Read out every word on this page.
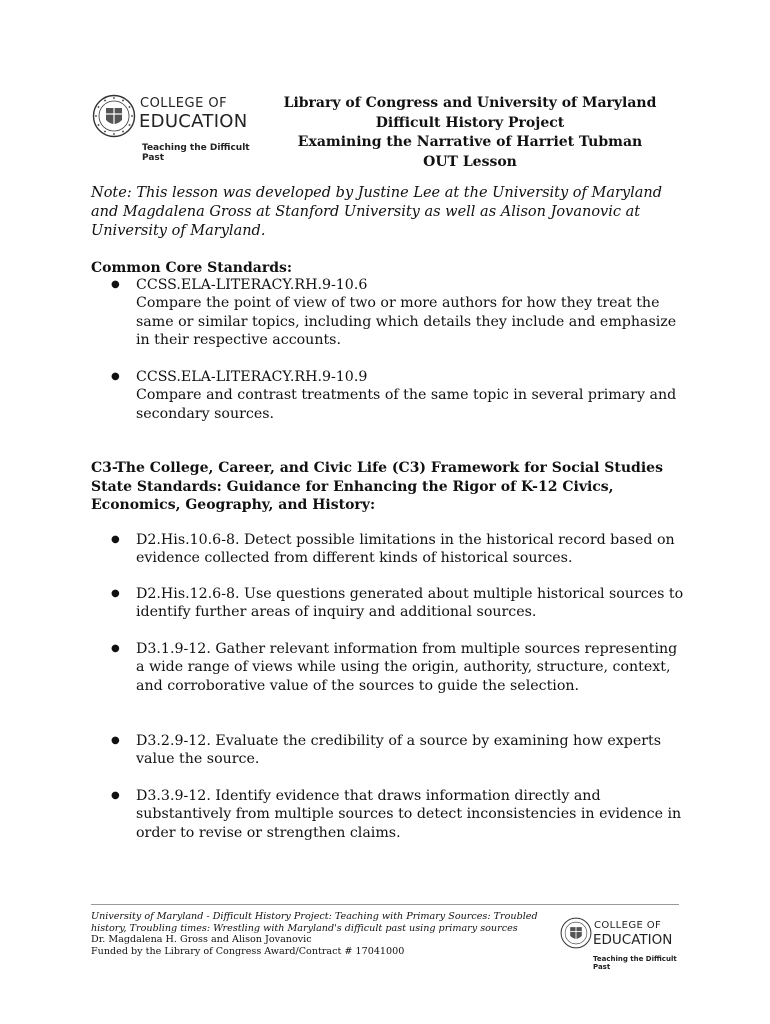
COLLEGE OF
EDUCATION
Teaching the Difficult Past
Library of Congress and University of Maryland
Difficult History Project
Examining the Narrative of Harriet Tubman
OUT Lesson
Note: This lesson was developed by Justine Lee at the University of Maryland and Magdalena Gross at Stanford University as well as Alison Jovanovic at University of Maryland.
Common Core Standards:
● CCSS.ELA-LITERACY.RH.9-10.6
Compare the point of view of two or more authors for how they treat the same or similar topics, including which details they include and emphasize in their respective accounts.
● CCSS.ELA-LITERACY.RH.9-10.9
Compare and contrast treatments of the same topic in several primary and secondary sources.
C3-The College, Career, and Civic Life (C3) Framework for Social Studies State Standards: Guidance for Enhancing the Rigor of K-12 Civics, Economics, Geography, and History:
● D2.His.10.6-8. Detect possible limitations in the historical record based on evidence collected from different kinds of historical sources.
● D2.His.12.6-8. Use questions generated about multiple historical sources to identify further areas of inquiry and additional sources.
● D3.1.9-12. Gather relevant information from multiple sources representing a wide range of views while using the origin, authority, structure, context, and corroborative value of the sources to guide the selection.
● D3.2.9-12. Evaluate the credibility of a source by examining how experts value the source.
● D3.3.9-12. Identify evidence that draws information directly and substantively from multiple sources to detect inconsistencies in evidence in order to revise or strengthen claims.
University of Maryland - Difficult History Project: Teaching with Primary Sources: Troubled history, Troubling times: Wrestling with Maryland's difficult past using primary sources
Dr. Magdalena H. Gross and Alison Jovanovic
Funded by the Library of Congress Award/Contract # 17041000
COLLEGE OF
EDUCATION
Teaching the Difficult Past
